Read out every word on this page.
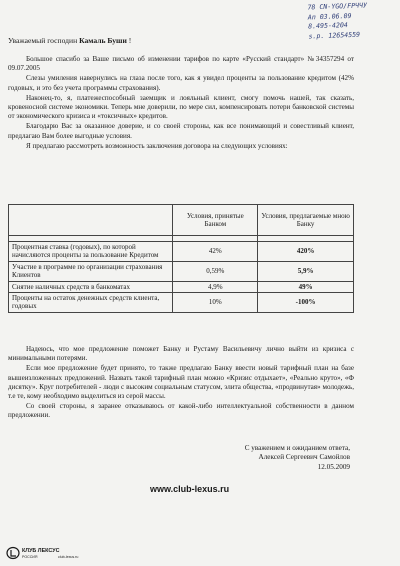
78 CN-YGO/FPЧЧУ
Aп 03.06.09
8.495-4204
s.p. 12654559
Уважаемый господин Камаль Буши !

Большое спасибо за Ваше письмо об изменении тарифов по карте «Русский стандарт» №34357294 от 09.07.2005

Слезы умиления навернулись на глаза после того, как я увидел проценты за пользование кредитом (42% годовых, и это без учета программы страхования).

Наконец-то, я, платежеспособный заемщик и лояльный клиент, смогу помочь нашей, так сказать, кровеносной системе экономики. Теперь мне доверили, по мере сил, компенсировать потери банковской системы от экономического кризиса и «токсичных» кредитов.

Благодарю Вас за оказанное доверие, и со своей стороны, как все понимающий и совестливый клиент, предлагаю Вам более выгодные условия.

Я предлагаю рассмотреть возможность заключения договора на следующих условиях:

	Условия, принятые Банком	Условия, предлагаемые мною Банку

Процентная ставка (годовых), по которой начисляются проценты за пользование Кредитом	42%	420%
Участие в программе по организации страхования Клиентов	0,59%	5,9%
Снятие наличных средств в банкоматах	4,9%	49%
Проценты на остаток денежных средств клиента, годовых	10%	-100%

Надеюсь, что мое предложение поможет Банку и Рустаму Васильевичу лично выйти из кризиса с минимальными потерями.

Если мое предложение будет принято, то также предлагаю Банку ввести новый тарифный план на базе вышеизложенных предложений. Назвать такой тарифный план можно «Кризис отдыхает», «Реально круто», «Ф дисятку». Круг потребителей - люди с высоким социальным статусом, элита общества, «продвинутая» молодежь, т.е те, кому необходимо выделиться из серой массы.

Со своей стороны, я заранее отказываюсь от какой-либо интеллектуальной собственности в данном предложении.

С уважением и ожиданием ответа,
Алексей Сергеевич Самойлов
12.05.2009
www.club-lexus.ru
КЛУБ ЛЕКСУС
РОССИЯ	club-lexus.ru
